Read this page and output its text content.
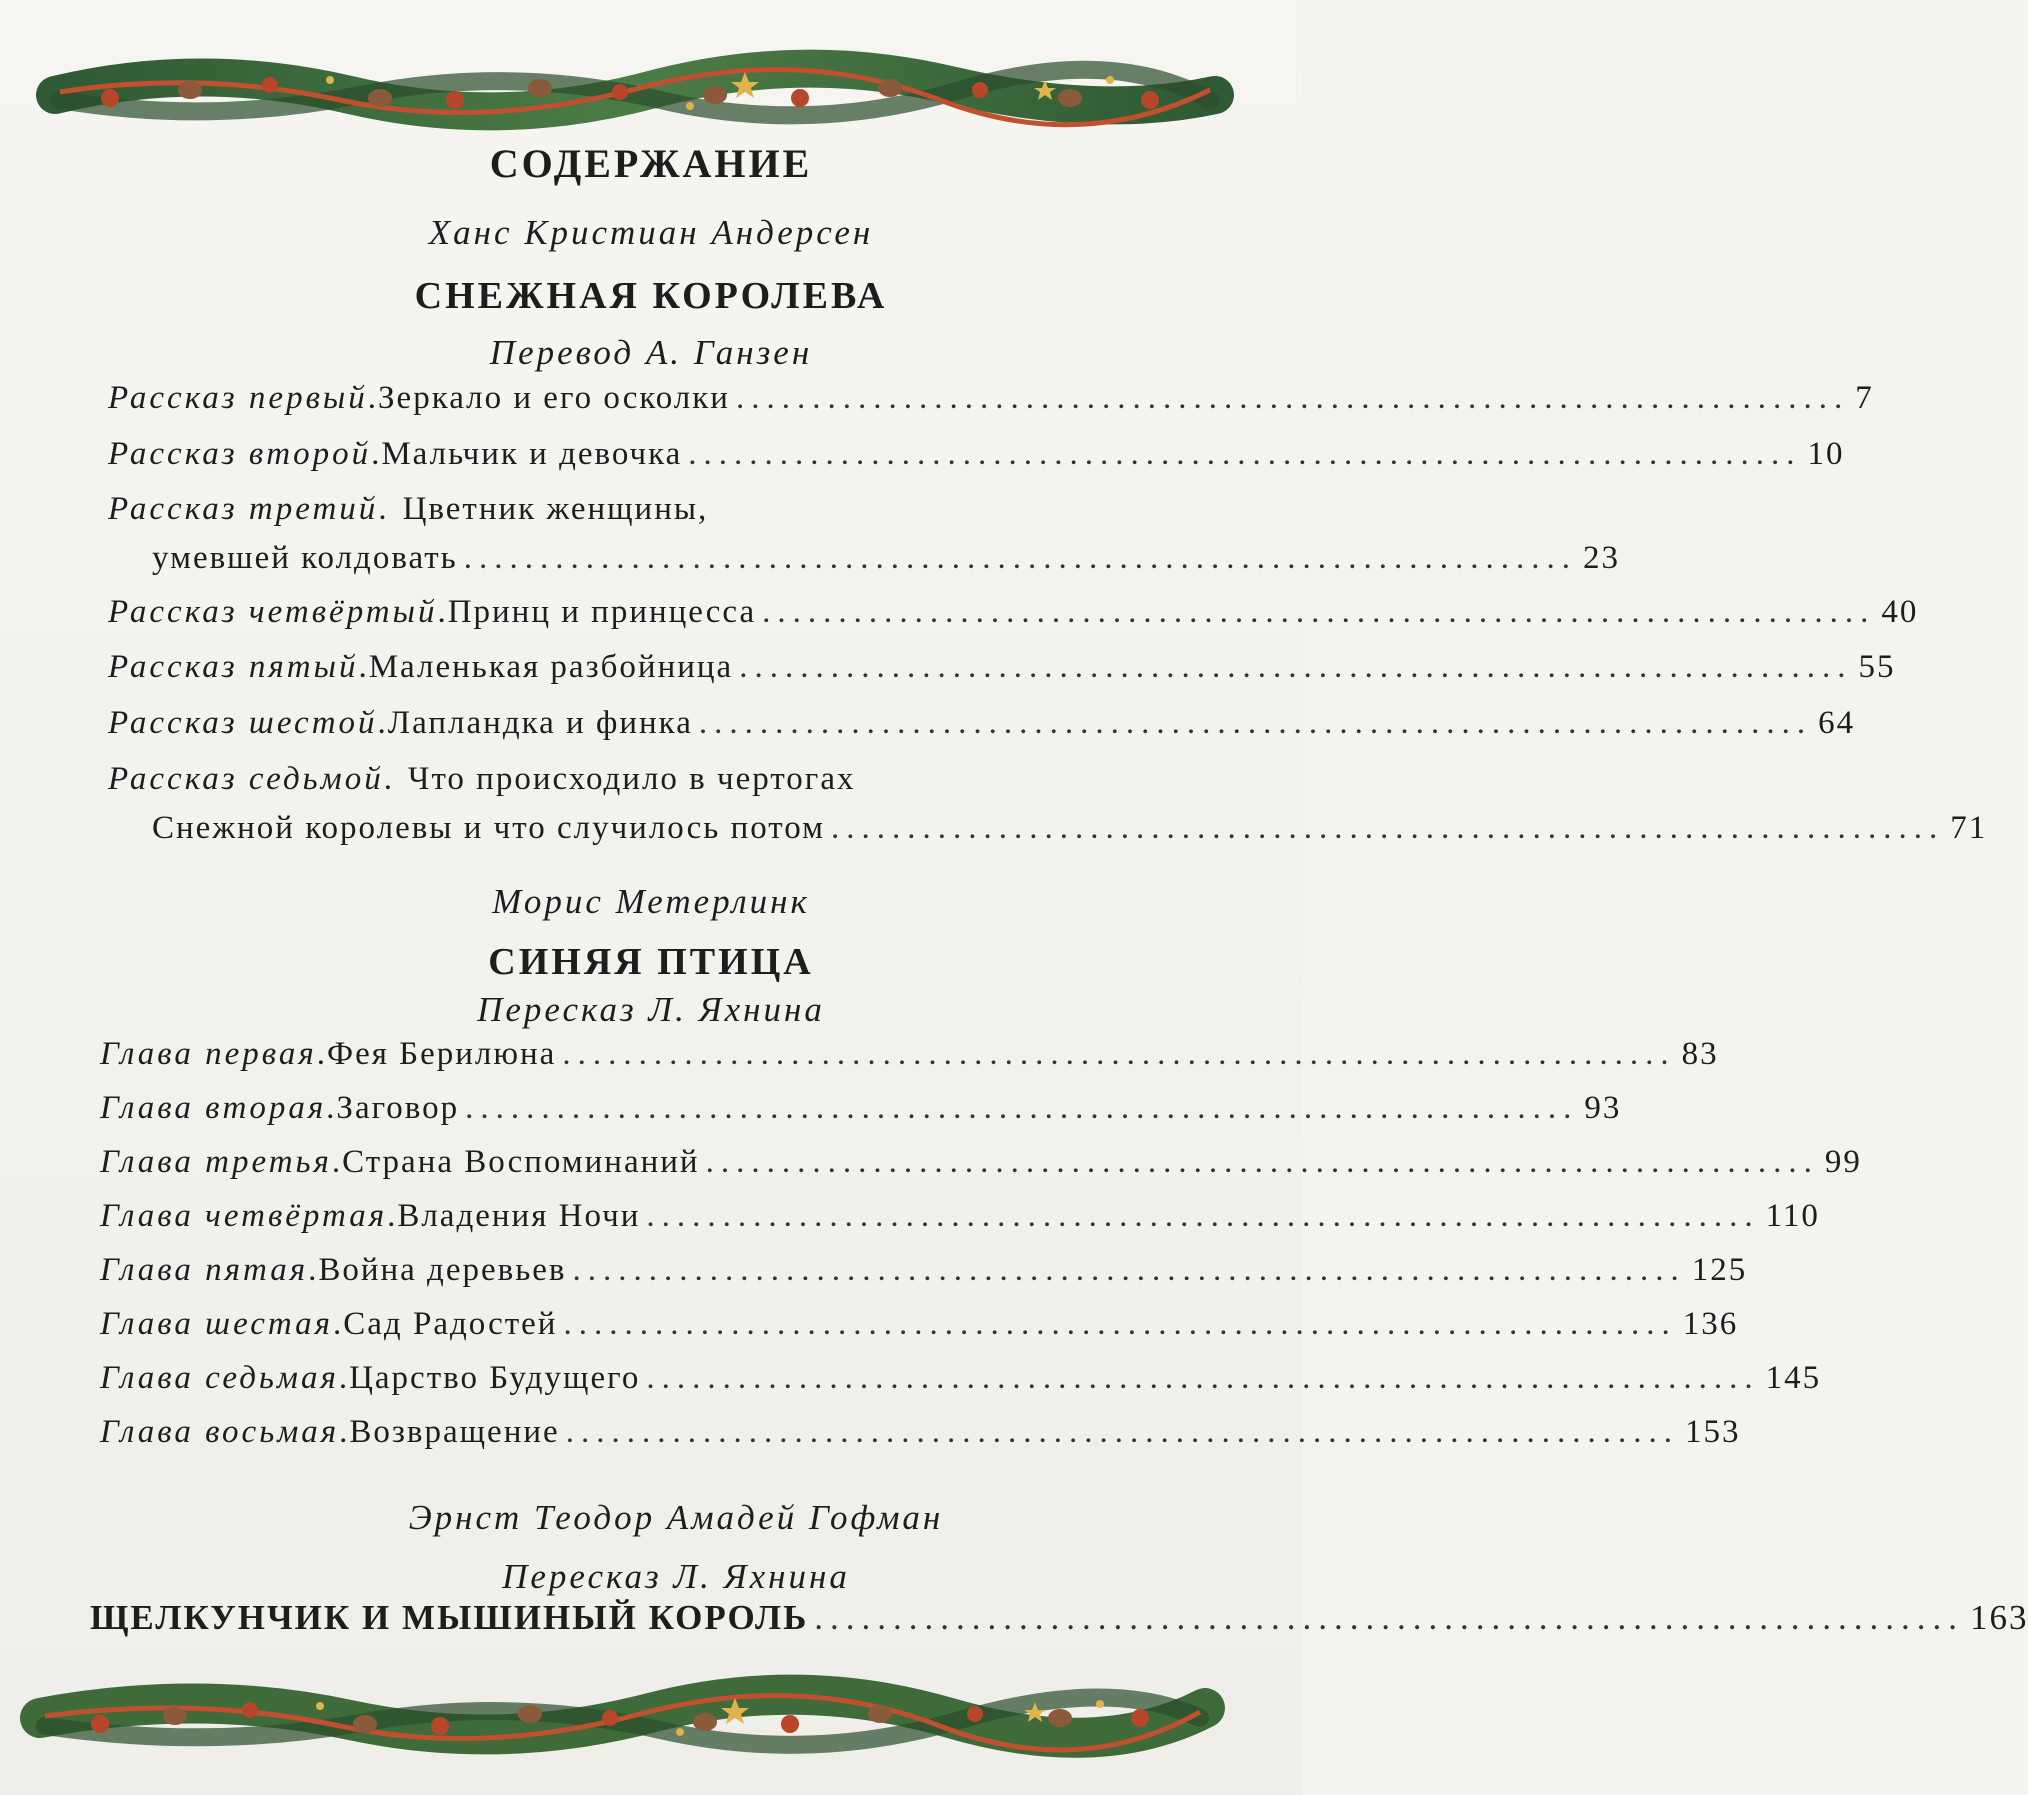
СОДЕРЖАНИЕ
Ханс Кристиан Андерсен
СНЕЖНАЯ КОРОЛЕВА
Перевод А. Ганзен
Рассказ первый . Зеркало и его осколки ......................................................................... 7
Рассказ второй . Мальчик и девочка ......................................................................... 10
Рассказ третий. Цветник женщины,
умевшей колдовать ......................................................................... 23
Рассказ четвёртый . Принц и принцесса ......................................................................... 40
Рассказ пятый . Маленькая разбойница ......................................................................... 55
Рассказ шестой . Лапландка и финка ......................................................................... 64
Рассказ седьмой. Что происходило в чертогах
Снежной королевы и что случилось потом ......................................................................... 71
Морис Метерлинк
СИНЯЯ ПТИЦА
Пересказ Л. Яхнина
Глава первая . Фея Берилюна ......................................................................... 83
Глава вторая . Заговор ......................................................................... 93
Глава третья . Страна Воспоминаний ......................................................................... 99
Глава четвёртая . Владения Ночи ......................................................................... 110
Глава пятая . Война деревьев ......................................................................... 125
Глава шестая . Сад Радостей ......................................................................... 136
Глава седьмая . Царство Будущего ......................................................................... 145
Глава восьмая . Возвращение ......................................................................... 153
Эрнст Теодор Амадей Гофман
Пересказ Л. Яхнина
ЩЕЛКУНЧИК И МЫШИНЫЙ КОРОЛЬ ......................................................................... 163
